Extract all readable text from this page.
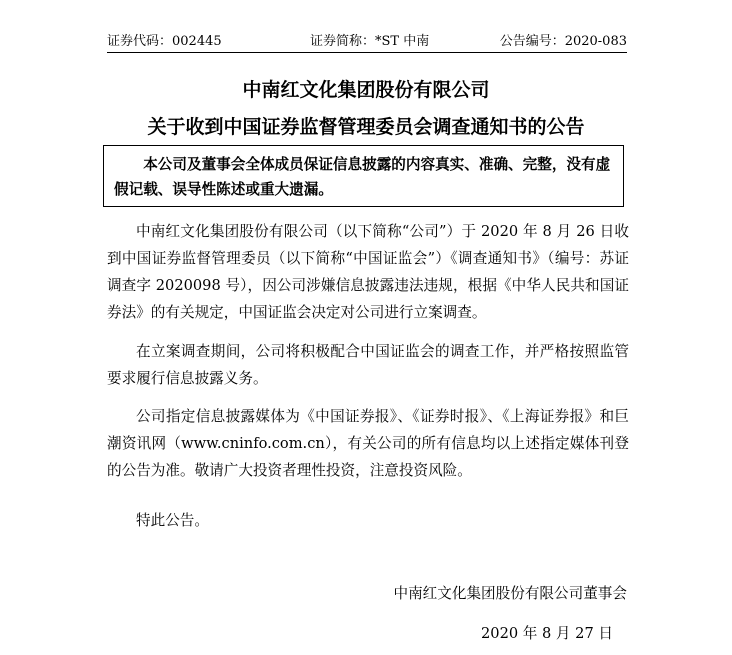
证券代码：002445	证券简称：*ST 中南	公告编号：2020-083
中南红文化集团股份有限公司
关于收到中国证券监督管理委员会调查通知书的公告

本公司及董事会全体成员保证信息披露的内容真实、准确、完整，没有虚假记载、误导性陈述或重大遗漏。

中南红文化集团股份有限公司（以下简称“公司”）于 2020 年 8 月 26 日收到中国证券监督管理委员（以下简称“中国证监会”）《调查通知书》（编号：苏证调查字 2020098 号），因公司涉嫌信息披露违法违规，根据《中华人民共和国证券法》的有关规定，中国证监会决定对公司进行立案调查。

在立案调查期间，公司将积极配合中国证监会的调查工作，并严格按照监管要求履行信息披露义务。

公司指定信息披露媒体为《中国证券报》、《证券时报》、《上海证券报》和巨潮资讯网（www.cninfo.com.cn），有关公司的所有信息均以上述指定媒体刊登的公告为准。敬请广大投资者理性投资，注意投资风险。

特此公告。

中南红文化集团股份有限公司董事会
2020 年 8 月 27 日
